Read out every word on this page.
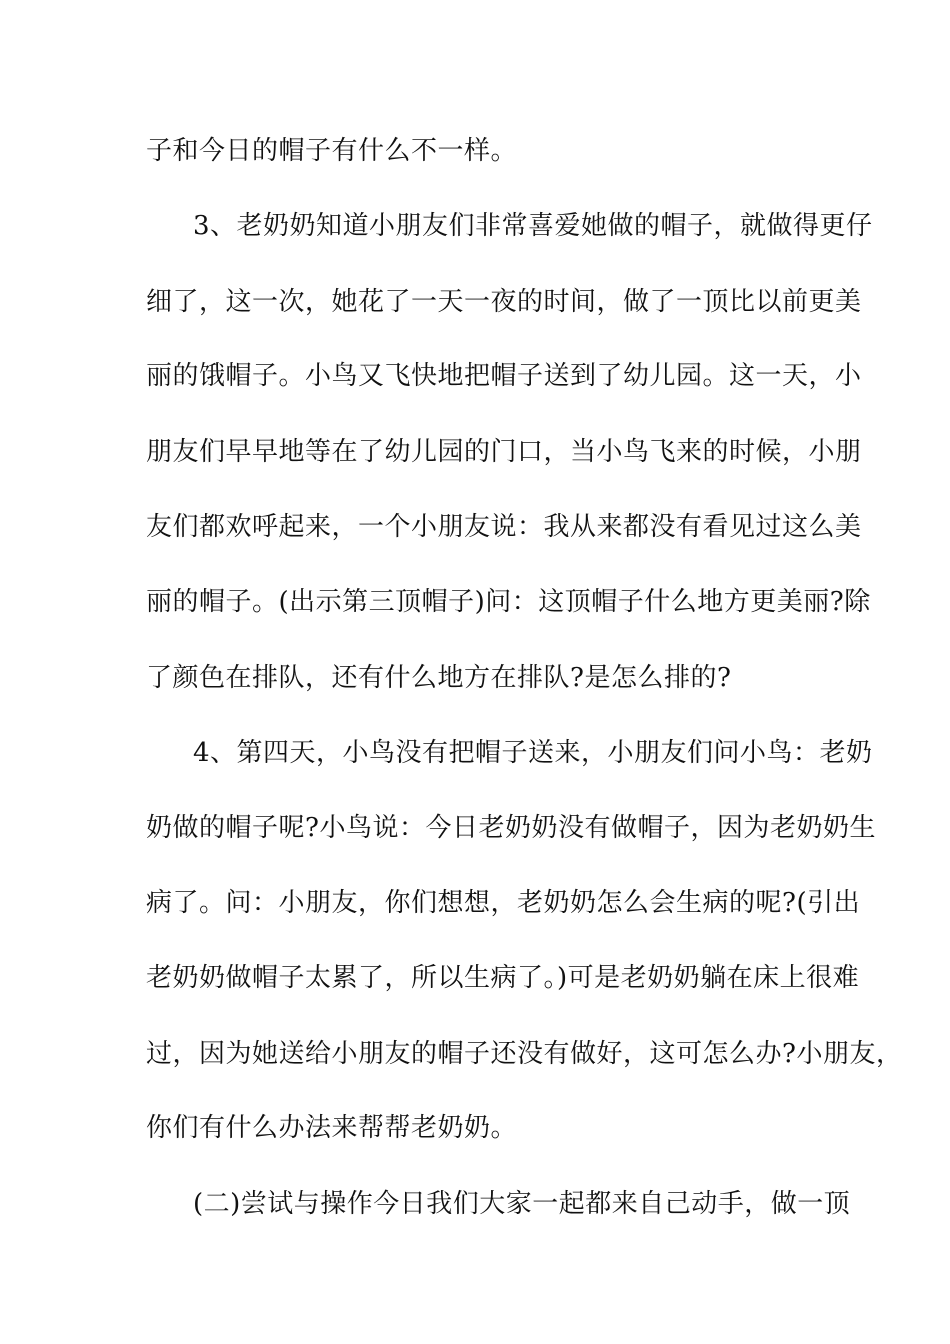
子和今日的帽子有什么不一样。
3、老奶奶知道小朋友们非常喜爱她做的帽子，就做得更仔
细了，这一次，她花了一天一夜的时间，做了一顶比以前更美
丽的饿帽子。小鸟又飞快地把帽子送到了幼儿园。这一天，小
朋友们早早地等在了幼儿园的门口，当小鸟飞来的时候，小朋
友们都欢呼起来，一个小朋友说：我从来都没有看见过这么美
丽的帽子。(出示第三顶帽子)问：这顶帽子什么地方更美丽?除
了颜色在排队，还有什么地方在排队?是怎么排的?
4、第四天，小鸟没有把帽子送来，小朋友们问小鸟：老奶
奶做的帽子呢?小鸟说：今日老奶奶没有做帽子，因为老奶奶生
病了。问：小朋友，你们想想，老奶奶怎么会生病的呢?(引出
老奶奶做帽子太累了，所以生病了。)可是老奶奶躺在床上很难
过，因为她送给小朋友的帽子还没有做好，这可怎么办?小朋友，
你们有什么办法来帮帮老奶奶。
(二)尝试与操作今日我们大家一起都来自己动手，做一顶
